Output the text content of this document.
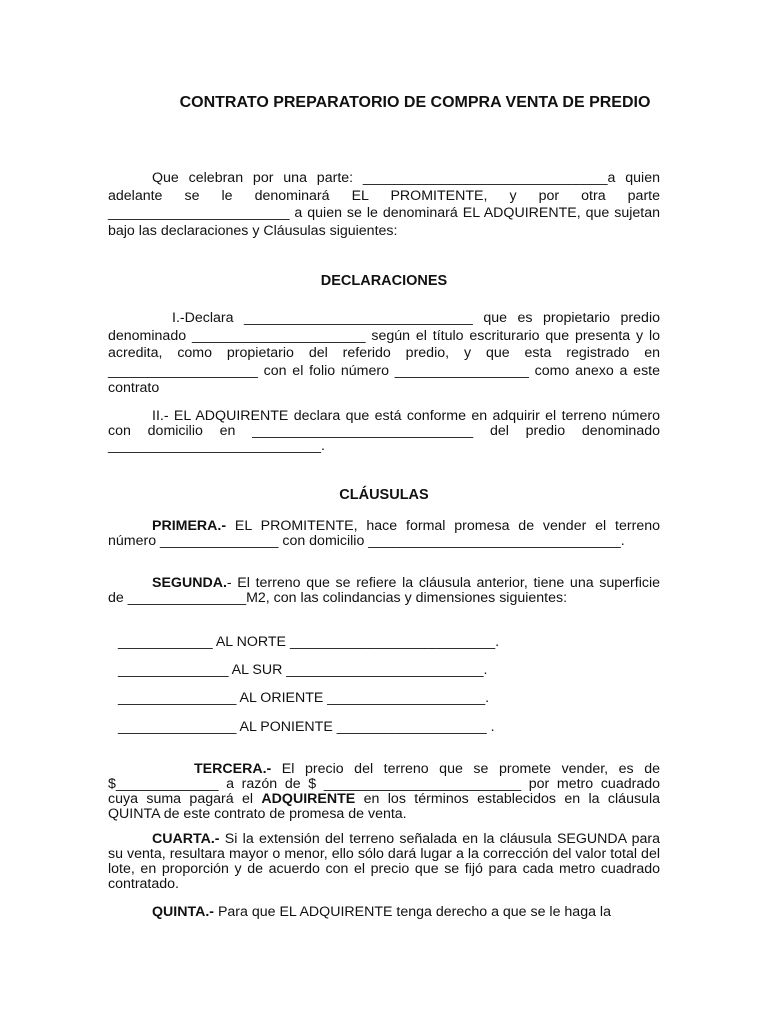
CONTRATO PREPARATORIO DE COMPRA VENTA DE PREDIO
Que celebran por una parte: _______________________________a quien adelante se le denominará EL PROMITENTE, y por otra parte _______________________ a quien se le denominará EL ADQUIRENTE, que sujetan bajo las declaraciones y Cláusulas siguientes:
DECLARACIONES
I.-Declara _____________________________ que es propietario predio denominado ______________________ según el título escriturario que presenta y lo acredita, como propietario del referido predio, y que esta registrado en ___________________ con el folio número _________________ como anexo a este contrato
II.- EL ADQUIRENTE declara que está conforme en adquirir el terreno número con domicilio en ____________________________ del predio denominado ___________________________.
CLÁUSULAS
PRIMERA.- EL PROMITENTE, hace formal promesa de vender el terreno número _______________ con domicilio ________________________________.
SEGUNDA.- El terreno que se refiere la cláusula anterior, tiene una superficie de _______________M2, con las colindancias y dimensiones siguientes:
____________ AL NORTE __________________________.
______________ AL SUR _________________________.
_______________ AL ORIENTE ____________________.
_______________ AL PONIENTE ___________________ .
TERCERA.- El precio del terreno que se promete vender, es de $_____________ a razón de $ _________________________ por metro cuadrado cuya suma pagará el ADQUIRENTE en los términos establecidos en la cláusula QUINTA de este contrato de promesa de venta.
CUARTA.- Si la extensión del terreno señalada en la cláusula SEGUNDA para su venta, resultara mayor o menor, ello sólo dará lugar a la corrección del valor total del lote, en proporción y de acuerdo con el precio que se fijó para cada metro cuadrado contratado.
QUINTA.- Para que EL ADQUIRENTE tenga derecho a que se le haga la
